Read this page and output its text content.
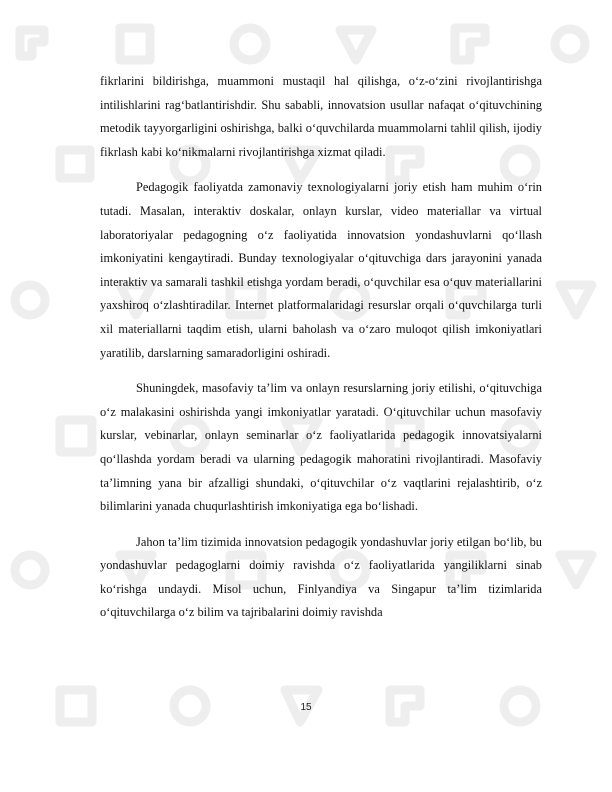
fikrlarini bildirishga, muammoni mustaqil hal qilishga, o‘z-o‘zini rivojlantirishga intilishlarini rag‘batlantirishdir. Shu sababli, innovatsion usullar nafaqat o‘qituvchining metodik tayyorgarligini oshirishga, balki o‘quvchilarda muammolarni tahlil qilish, ijodiy fikrlash kabi ko‘nikmalarni rivojlantirishga xizmat qiladi.

Pedagogik faoliyatda zamonaviy texnologiyalarni joriy etish ham muhim o‘rin tutadi. Masalan, interaktiv doskalar, onlayn kurslar, video materiallar va virtual laboratoriyalar pedagogning o‘z faoliyatida innovatsion yondashuvlarni qo‘llash imkoniyatini kengaytiradi. Bunday texnologiyalar o‘qituvchiga dars jarayonini yanada interaktiv va samarali tashkil etishga yordam beradi, o‘quvchilar esa o‘quv materiallarini yaxshiroq o‘zlashtiradilar. Internet platformalaridagi resurslar orqali o‘quvchilarga turli xil materiallarni taqdim etish, ularni baholash va o‘zaro muloqot qilish imkoniyatlari yaratilib, darslarning samaradorligini oshiradi.

Shuningdek, masofaviy ta’lim va onlayn resurslarning joriy etilishi, o‘qituvchiga o‘z malakasini oshirishda yangi imkoniyatlar yaratadi. O‘qituvchilar uchun masofaviy kurslar, vebinarlar, onlayn seminarlar o‘z faoliyatlarida pedagogik innovatsiyalarni qo‘llashda yordam beradi va ularning pedagogik mahoratini rivojlantiradi. Masofaviy ta’limning yana bir afzalligi shundaki, o‘qituvchilar o‘z vaqtlarini rejalashtirib, o‘z bilimlarini yanada chuqurlashtirish imkoniyatiga ega bo‘lishadi.

Jahon ta’lim tizimida innovatsion pedagogik yondashuvlar joriy etilgan bo‘lib, bu yondashuvlar pedagoglarni doimiy ravishda o‘z faoliyatlarida yangiliklarni sinab ko‘rishga undaydi. Misol uchun, Finlyandiya va Singapur ta’lim tizimlarida o‘qituvchilarga o‘z bilim va tajribalarini doimiy ravishda

15
